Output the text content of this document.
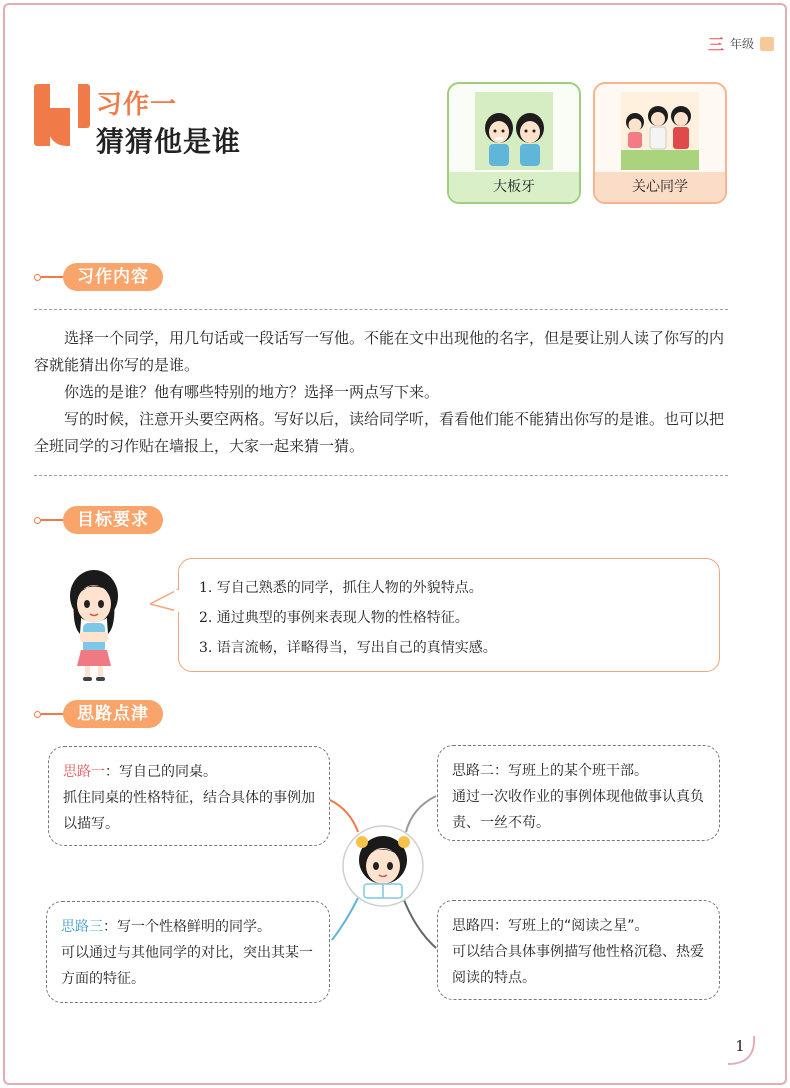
三 年级
习作一
猜猜他是谁
大板牙	关心同学
习作内容

选择一个同学，用几句话或一段话写一写他。不能在文中出现他的名字，但是要让别人读了你写的内容就能猜出你写的是谁。

你选的是谁？他有哪些特别的地方？选择一两点写下来。

写的时候，注意开头要空两格。写好以后，读给同学听，看看他们能不能猜出你写的是谁。也可以把全班同学的习作贴在墙报上，大家一起来猜一猜。

目标要求
1. 写自己熟悉的同学，抓住人物的外貌特点。
2. 通过典型的事例来表现人物的性格特征。
3. 语言流畅，详略得当，写出自己的真情实感。
思路点津
思路一：写自己的同桌。
抓住同桌的性格特征，结合具体的事例加以描写。
思路二：写班上的某个班干部。
通过一次收作业的事例体现他做事认真负责、一丝不苟。
思路三：写一个性格鲜明的同学。
可以通过与其他同学的对比，突出其某一方面的特征。
思路四：写班上的“阅读之星”。
可以结合具体事例描写他性格沉稳、热爱阅读的特点。
1
